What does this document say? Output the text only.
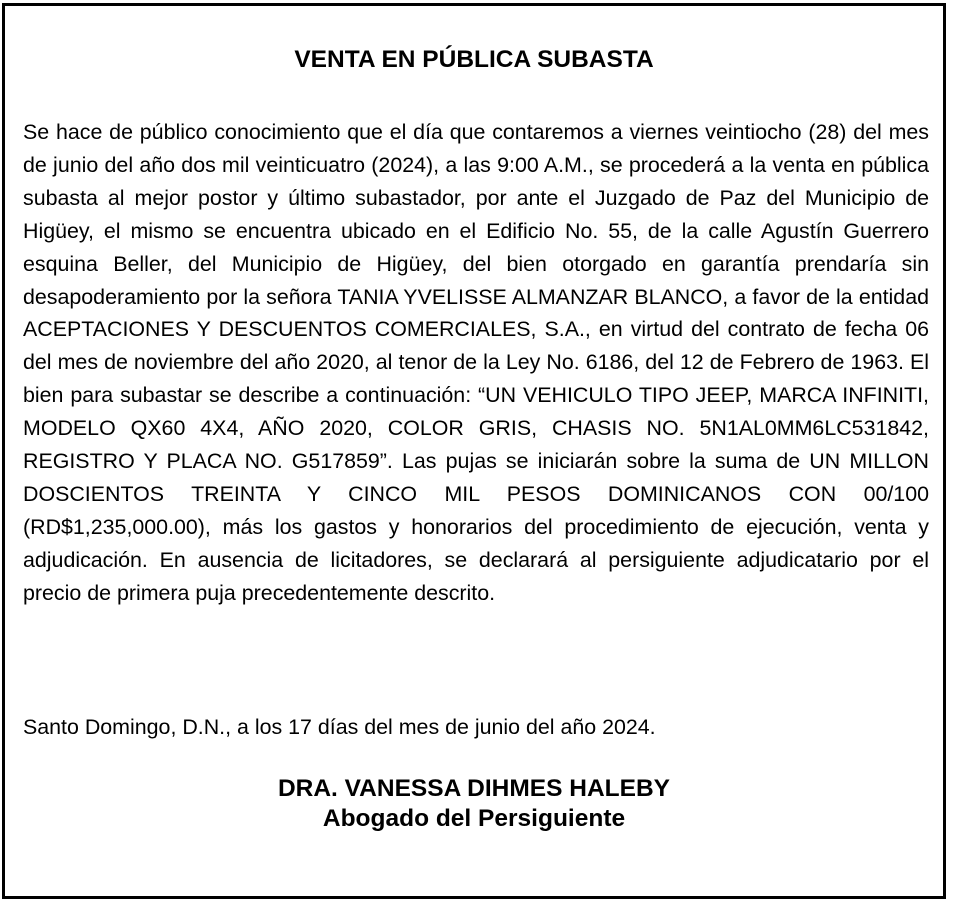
VENTA EN PÚBLICA SUBASTA

Se hace de público conocimiento que el día que contaremos a viernes veintiocho (28) del mes de junio del año dos mil veinticuatro (2024), a las 9:00 A.M., se procederá a la venta en pública subasta al mejor postor y último subastador, por ante el Juzgado de Paz del Municipio de Higüey, el mismo se encuentra ubicado en el Edificio No. 55, de la calle Agustín Guerrero esquina Beller, del Municipio de Higüey, del bien otorgado en garantía prendaría sin desapoderamiento por la señora TANIA YVELISSE ALMANZAR BLANCO, a favor de la entidad ACEPTACIONES Y DESCUENTOS COMERCIALES, S.A., en virtud del contrato de fecha 06 del mes de noviembre del año 2020, al tenor de la Ley No. 6186, del 12 de Febrero de 1963. El bien para subastar se describe a continuación: “UN VEHICULO TIPO JEEP, MARCA INFINITI, MODELO QX60 4X4, AÑO 2020, COLOR GRIS, CHASIS NO. 5N1AL0MM6LC531842, REGISTRO Y PLACA NO. G517859”. Las pujas se iniciarán sobre la suma de UN MILLON DOSCIENTOS TREINTA Y CINCO MIL PESOS DOMINICANOS CON 00/100 (RD$1,235,000.00), más los gastos y honorarios del procedimiento de ejecución, venta y adjudicación. En ausencia de licitadores, se declarará al persiguiente adjudicatario por el precio de primera puja precedentemente descrito.

Santo Domingo, D.N., a los 17 días del mes de junio del año 2024.

DRA. VANESSA DIHMES HALEBY
Abogado del Persiguiente
